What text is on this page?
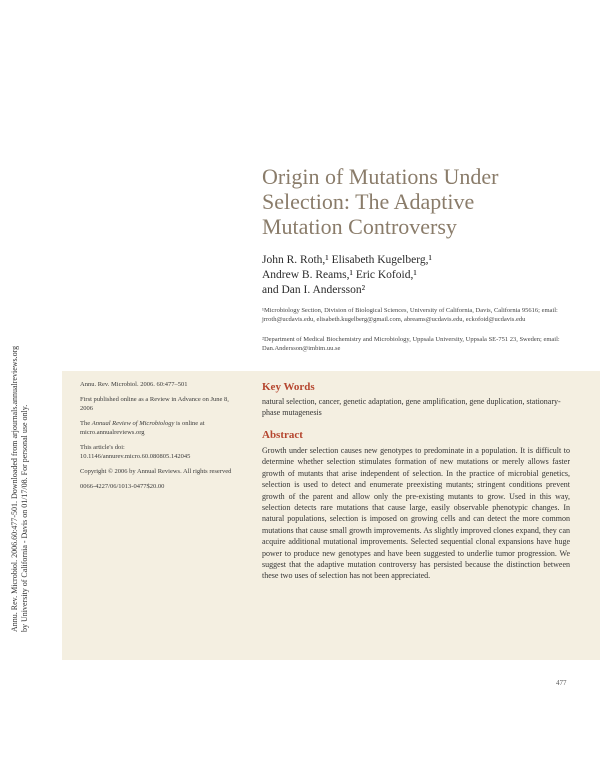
Annu. Rev. Microbiol. 2006.60:477-501. Downloaded from arjournals.annualreviews.org by University of California - Davis on 01/17/08. For personal use only.
Origin of Mutations Under
Selection: The Adaptive
Mutation Controversy
John R. Roth,¹ Elisabeth Kugelberg,¹
Andrew B. Reams,¹ Eric Kofoid,¹
and Dan I. Andersson²
¹Microbiology Section, Division of Biological Sciences, University of California, Davis, California 95616; email: jrroth@ucdavis.edu, elisabeth.kugelberg@gmail.com, abreams@ucdavis.edu, eckofoid@ucdavis.edu
²Department of Medical Biochemistry and Microbiology, Uppsala University, Uppsala SE-751 23, Sweden; email: Dan.Andersson@imbim.uu.se

Annu. Rev. Microbiol. 2006. 60:477–501

First published online as a Review in Advance on June 8, 2006

The Annual Review of Microbiology is online at micro.annualreviews.org

This article's doi:
10.1146/annurev.micro.60.080805.142045

Copyright © 2006 by Annual Reviews. All rights reserved

0066-4227/06/1013-0477$20.00

Key Words
natural selection, cancer, genetic adaptation, gene amplification, gene duplication, stationary-phase mutagenesis
Abstract
Growth under selection causes new genotypes to predominate in a population. It is difficult to determine whether selection stimulates formation of new mutations or merely allows faster growth of mutants that arise independent of selection. In the practice of microbial genetics, selection is used to detect and enumerate preexisting mutants; stringent conditions prevent growth of the parent and allow only the pre-existing mutants to grow. Used in this way, selection detects rare mutations that cause large, easily observable phenotypic changes. In natural populations, selection is imposed on growing cells and can detect the more common mutations that cause small growth improvements. As slightly improved clones expand, they can acquire additional mutational improvements. Selected sequential clonal expansions have huge power to produce new genotypes and have been suggested to underlie tumor progression. We suggest that the adaptive mutation controversy has persisted because the distinction between these two uses of selection has not been appreciated.
477
